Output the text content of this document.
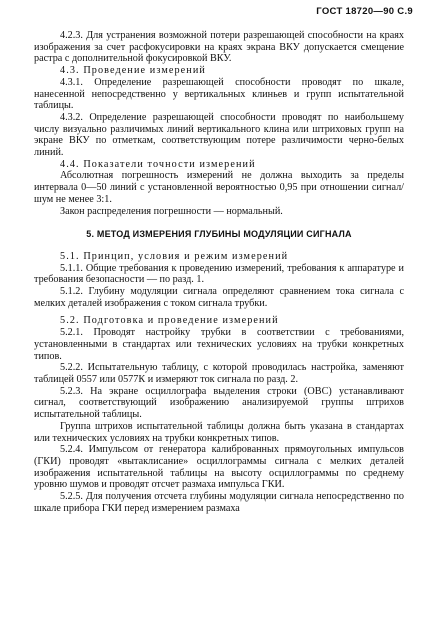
ГОСТ 18720—90 С.9

4.2.3. Для устранения возможной потери разрешающей способности на краях изображения за счет расфокусировки на краях экрана ВКУ допускается смещение растра с дополнительной фокусировкой ВКУ.

4.3. Проведение измерений

4.3.1. Определение разрешающей способности проводят по шкале, нанесенной непосредственно у вертикальных клиньев и групп испытательной таблицы.

4.3.2. Определение разрешающей способности проводят по наибольшему числу визуально различимых линий вертикального клина или штриховых групп на экране ВКУ по отметкам, соответствующим потере различимости черно-белых линий.

4.4. Показатели точности измерений

Абсолютная погрешность измерений не должна выходить за пределы интервала 0—50 линий с установленной вероятностью 0,95 при отношении сигнал/шум не менее 3:1.

Закон распределения погрешности — нормальный.

5. МЕТОД ИЗМЕРЕНИЯ ГЛУБИНЫ МОДУЛЯЦИИ СИГНАЛА

5.1. Принцип, условия и режим измерений

5.1.1. Общие требования к проведению измерений, требования к аппаратуре и требования безопасности — по разд. 1.

5.1.2. Глубину модуляции сигнала определяют сравнением тока сигнала с мелких деталей изображения с током сигнала трубки.

5.2. Подготовка и проведение измерений

5.2.1. Проводят настройку трубки в соответствии с требованиями, установленными в стандартах или технических условиях на трубки конкретных типов.

5.2.2. Испытательную таблицу, с которой проводилась настройка, заменяют таблицей 0557 или 0577К и измеряют ток сигнала по разд. 2.

5.2.3. На экране осциллографа выделения строки (ОВС) устанавливают сигнал, соответствующий изображению анализируемой группы штрихов испытательной таблицы.

Группа штрихов испытательной таблицы должна быть указана в стандартах или технических условиях на трубки конкретных типов.

5.2.4. Импульсом от генератора калиброванных прямоугольных импульсов (ГКИ) проводят «вытаклисание» осциллограммы сигнала с мелких деталей изображения испытательной таблицы на высоту осциллограммы по среднему уровню шумов и проводят отсчет размаха импульса ГКИ.

5.2.5. Для получения отсчета глубины модуляции сигнала непосредственно по шкале прибора ГКИ перед измерением размаха
